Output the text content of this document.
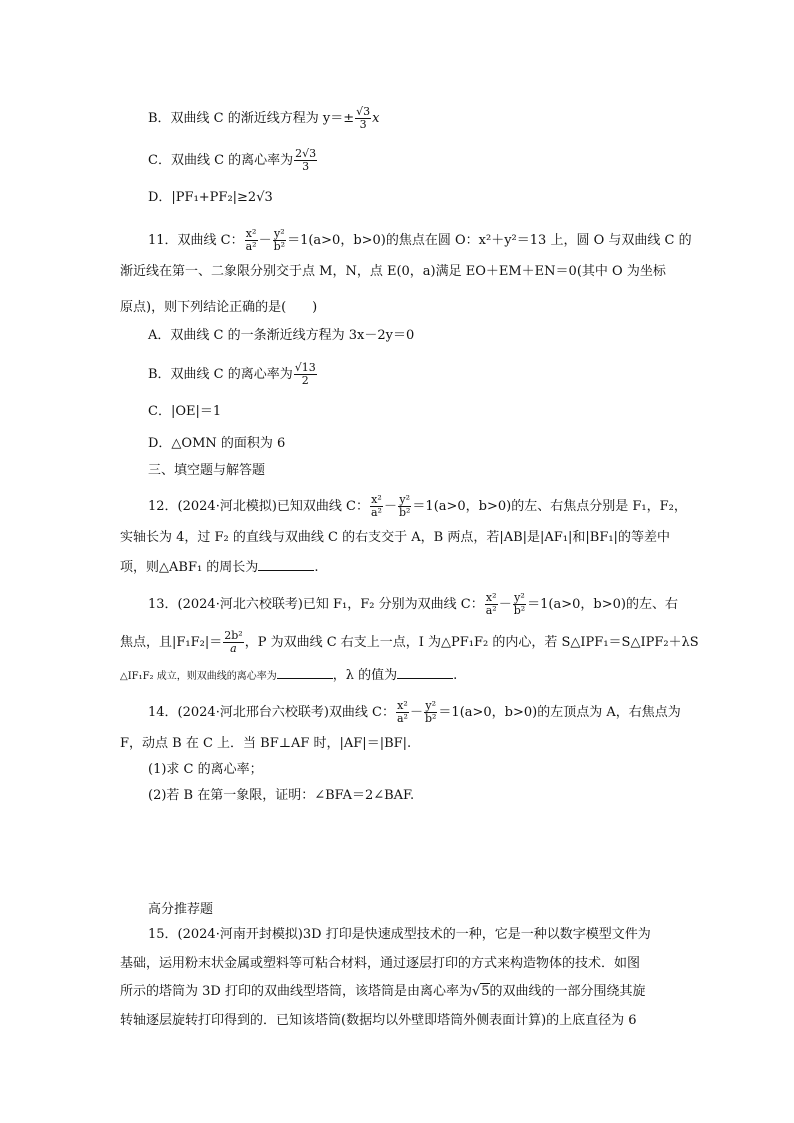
B．双曲线 C 的渐近线方程为 $y=\pm \frac{√3}{3}$ x
C．双曲线 C 的离心率为 $\frac{2√3}{3}$
D．|PF₁+PF₂|≥2√3
11．双曲线 C： $\frac{\text{x²}}{\text{a²}} - \frac{\text{y²}}{\text{b²}} =1(a>0$，b>0)的焦点在圆 O：x²＋y²＝13 上，圆 O 与双曲线 C 的
渐近线在第一、二象限分别交于点 M，N，点 E(0，a)满足 EO＋EM＋EN＝0(其中 O 为坐标
原点)，则下列结论正确的是(　　)
A．双曲线 C 的一条渐近线方程为 3x－2y＝0
B．双曲线 C 的离心率为 $\frac{√13}{2}$
C．|OE|＝1
D．△OMN 的面积为 6
三、填空题与解答题
12．(2024·河北模拟)已知双曲线 C： $\frac{\text{x²}}{\text{a²}} - \frac{\text{y²}}{\text{b²}} =1(a>0$，b>0)的左、右焦点分别是 F₁，F₂，
实轴长为 4，过 F₂ 的直线与双曲线 C 的右支交于 A，B 两点，若|AB|是|AF₁|和|BF₁|的等差中
项，则△ABF₁ 的周长为	.
13．(2024·河北六校联考)已知 F₁，F₂ 分别为双曲线 C： $\frac{\text{x²}}{\text{a²}} - \frac{\text{y²}}{\text{b²}} =1(a>0$，b>0)的左、右
焦点，且$|F_1F_2|= \frac{\text{2b²}}{a}$ ，P 为双曲线 C 右支上一点，I 为△PF₁F₂ 的内心，若 S△IPF₁＝S△IPF₂＋λS
△IF₁F₂ 成立，则双曲线的离心率为	，λ 的值为	.
14．(2024·河北邢台六校联考)双曲线 C： $\frac{\text{x²}}{\text{a²}} - \frac{\text{y²}}{\text{b²}} =1(a>0$，b>0)的左顶点为 A，右焦点为
F，动点 B 在 C 上．当 BF⊥AF 时，|AF|＝|BF|.
(1)求 C 的离心率；
(2)若 B 在第一象限，证明：∠BFA＝2∠BAF.
高分推荐题
15．(2024·河南开封模拟)3D 打印是快速成型技术的一种，它是一种以数字模型文件为
基础，运用粉末状金属或塑料等可粘合材料，通过逐层打印的方式来构造物体的技术．如图
所示的塔筒为 3D 打印的双曲线型塔筒，该塔筒是由离心率为√5的双曲线的一部分围绕其旋
转轴逐层旋转打印得到的．已知该塔筒(数据均以外壁即塔筒外侧表面计算)的上底直径为 6
